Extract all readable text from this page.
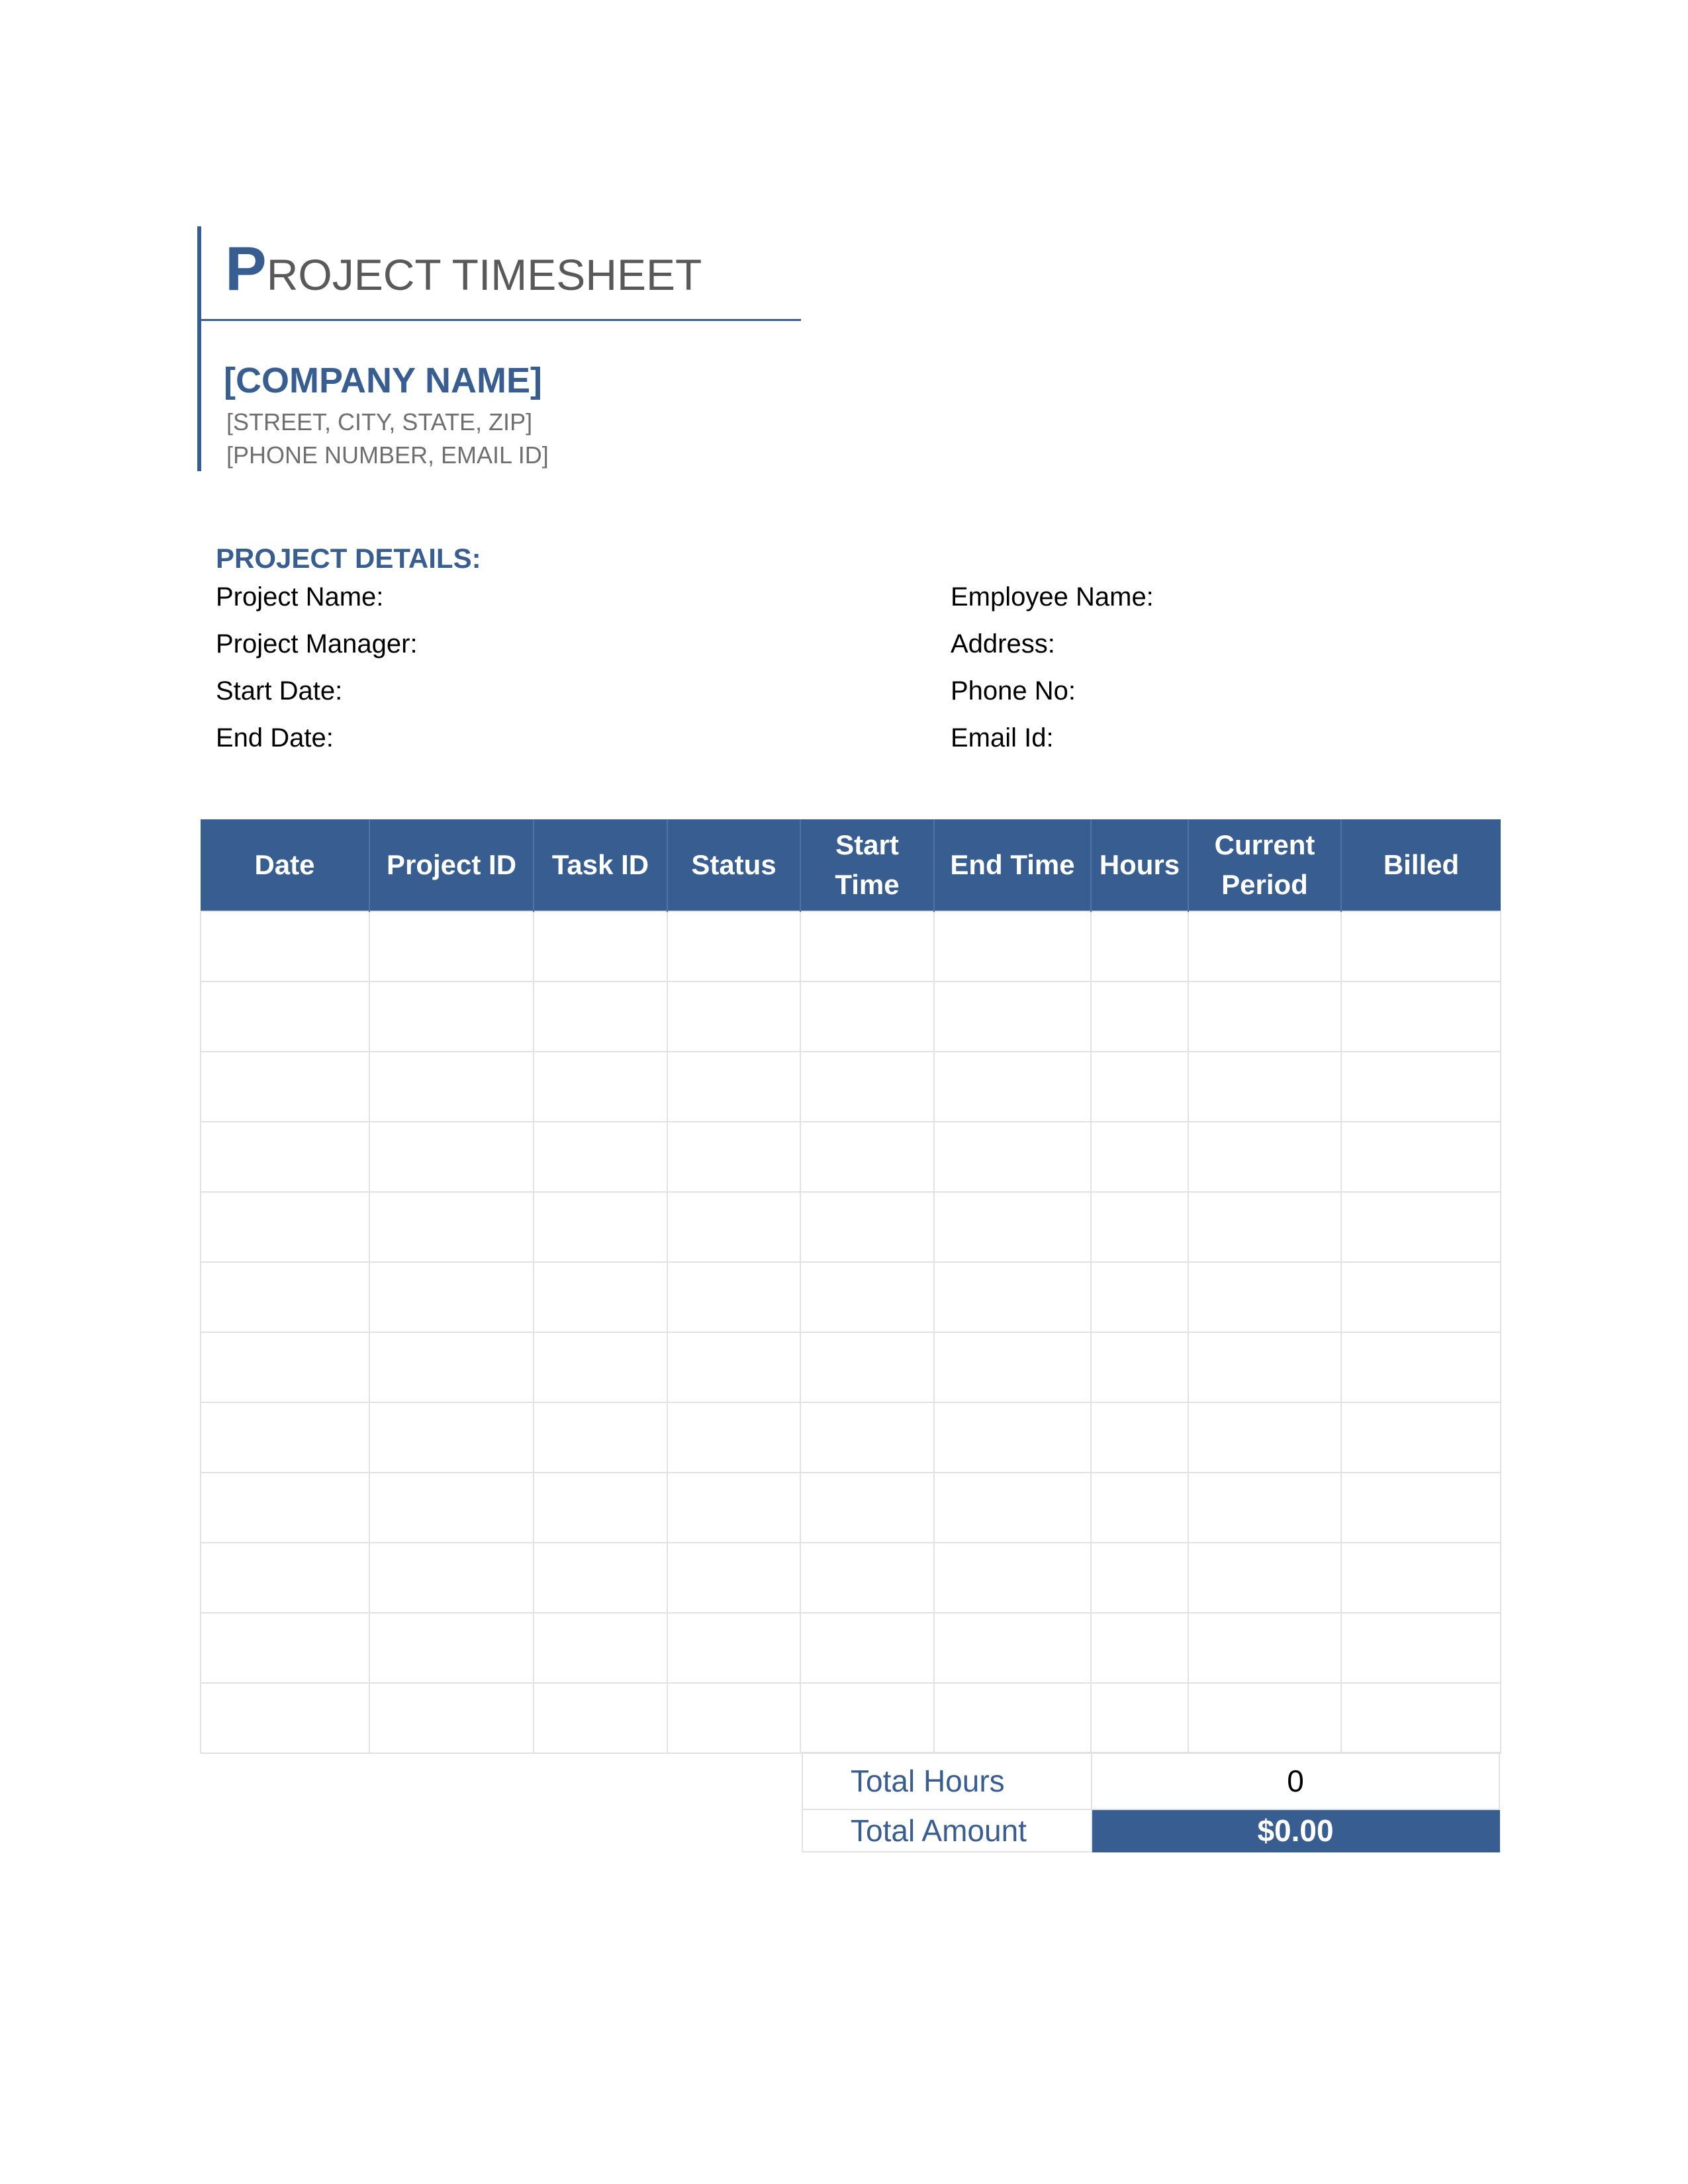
PROJECT TIMESHEET
[COMPANY NAME]
[STREET, CITY, STATE, ZIP]
[PHONE NUMBER, EMAIL ID]
PROJECT DETAILS:
Project Name:
Project Manager:
Start Date:
End Date:
Employee Name:
Address:
Phone No:
Email Id:
Date	Project ID	Task ID	Status	Start Time	End Time	Hours	Current Period	Billed

Total Hours	0
Total Amount	$0.00
